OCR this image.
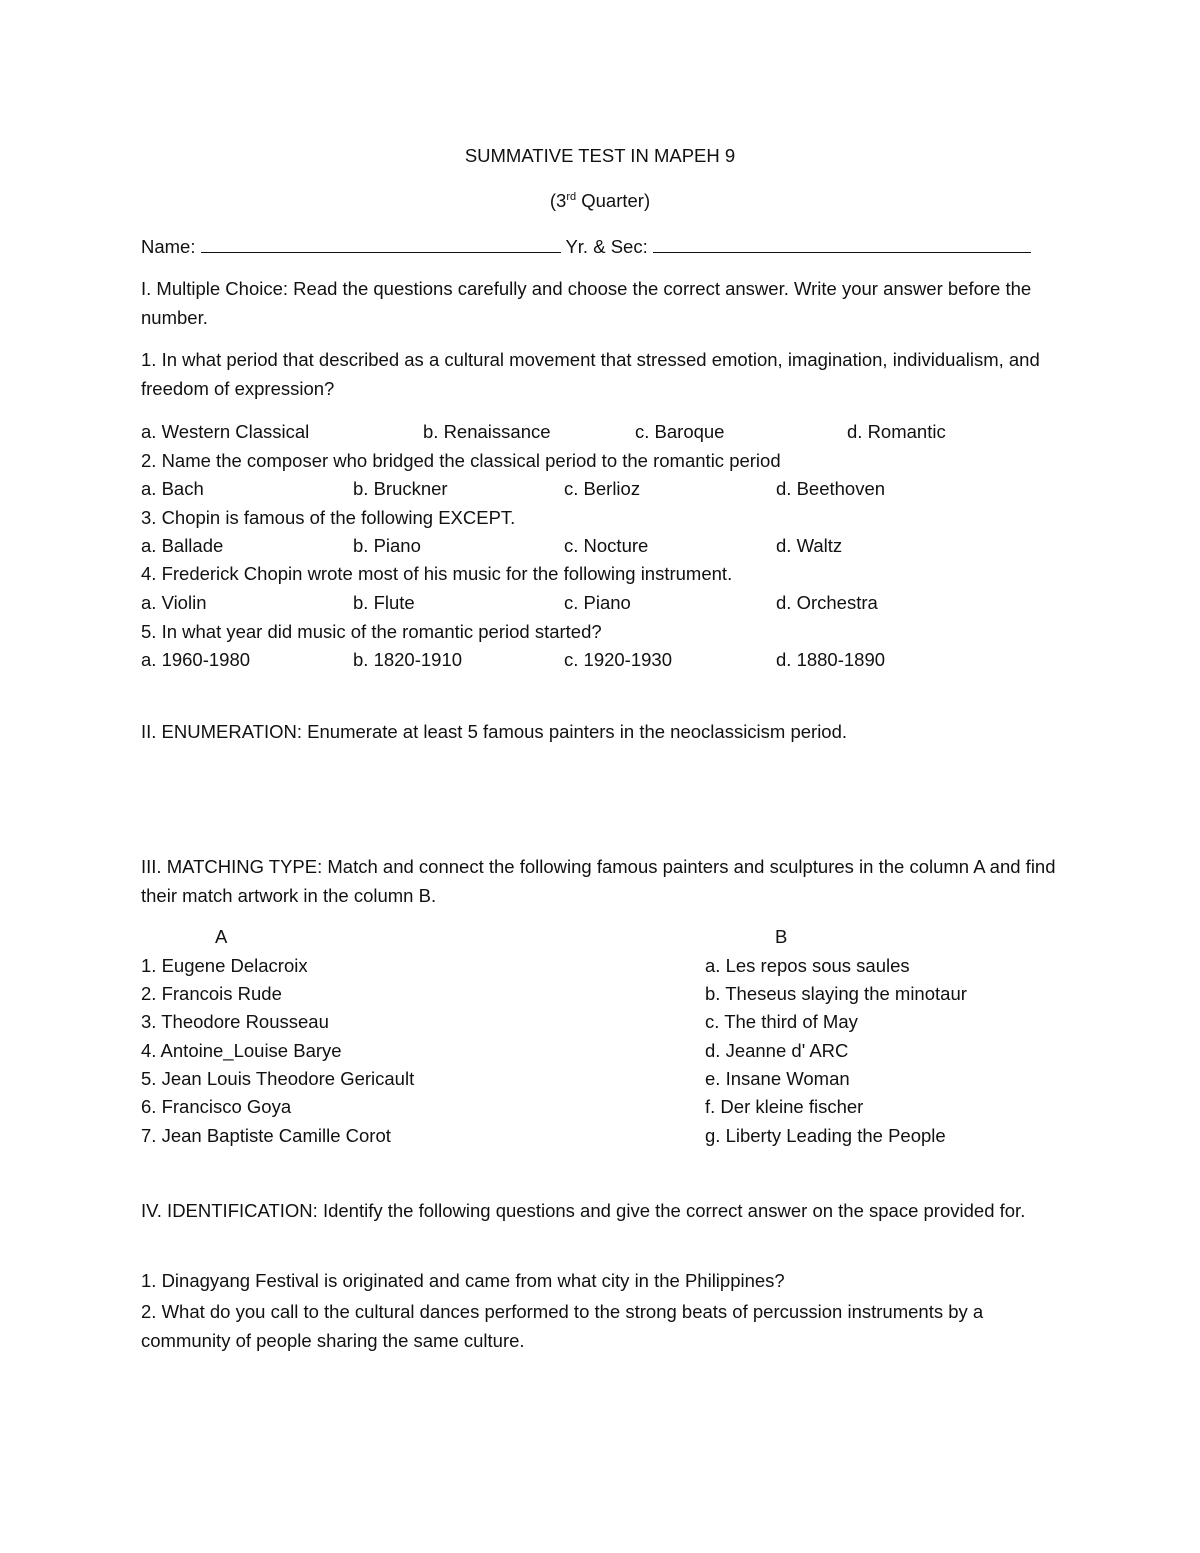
SUMMATIVE TEST IN MAPEH 9
(3rd Quarter)
Name:	Yr. & Sec:
I. Multiple Choice: Read the questions carefully and choose the correct answer. Write your answer before the number.
1. In what period that described as a cultural movement that stressed emotion, imagination, individualism, and freedom of expression?
a. Western Classical	b. Renaissance	c. Baroque	d. Romantic
2. Name the composer who bridged the classical period to the romantic period
a. Bach	b. Bruckner	c. Berlioz	d. Beethoven
3. Chopin is famous of the following EXCEPT.
a. Ballade	b. Piano	c. Nocture	d. Waltz
4. Frederick Chopin wrote most of his music for the following instrument.
a. Violin	b. Flute	c. Piano	d. Orchestra
5. In what year did music of the romantic period started?
a. 1960-1980	b. 1820-1910	c. 1920-1930	d. 1880-1890
II. ENUMERATION: Enumerate at least 5 famous painters in the neoclassicism period.
III. MATCHING TYPE: Match and connect the following famous painters and sculptures in the column A and find their match artwork in the column B.
A	B
1. Eugene Delacroix	a. Les repos sous saules
2. Francois Rude	b. Theseus slaying the minotaur
3. Theodore Rousseau	c. The third of May
4. Antoine_Louise Barye	d. Jeanne d' ARC
5. Jean Louis Theodore Gericault	e. Insane Woman
6. Francisco Goya	f. Der kleine fischer
7. Jean Baptiste Camille Corot	g. Liberty Leading the People
IV. IDENTIFICATION: Identify the following questions and give the correct answer on the space provided for.
1. Dinagyang Festival is originated and came from what city in the Philippines?
2. What do you call to the cultural dances performed to the strong beats of percussion instruments by a community of people sharing the same culture.
